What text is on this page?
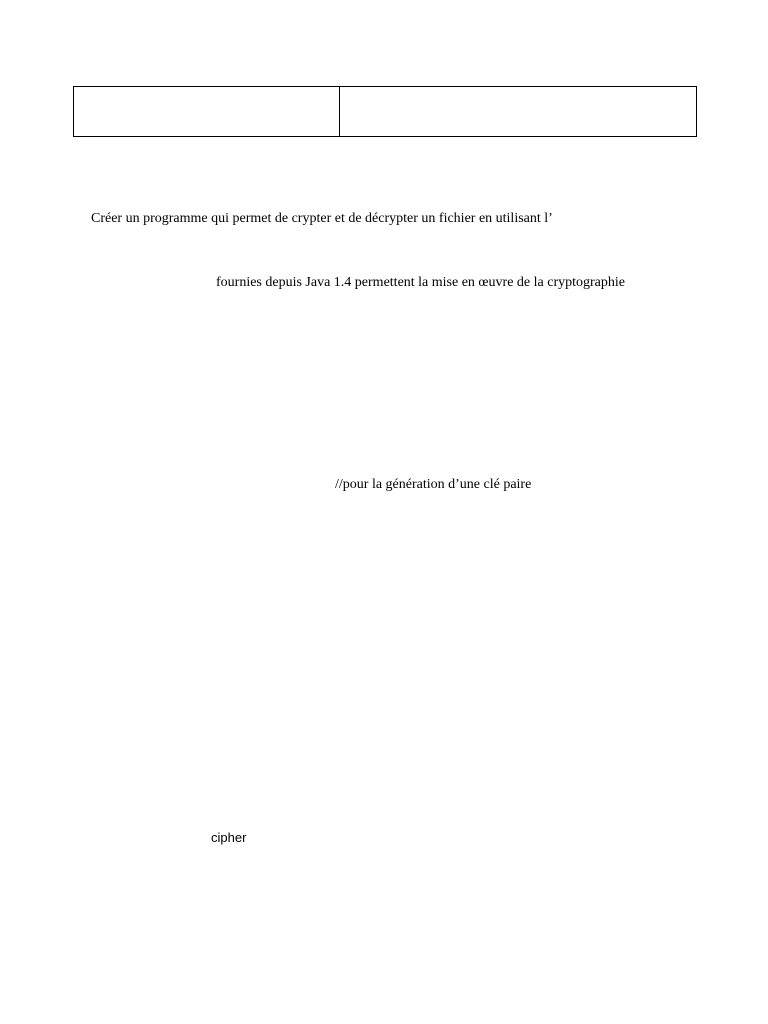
Créer un programme qui permet de crypter et de décrypter un fichier en utilisant l’
fournies depuis Java 1.4 permettent la mise en œuvre de la cryptographie
//pour la génération d’une clé paire
cipher
